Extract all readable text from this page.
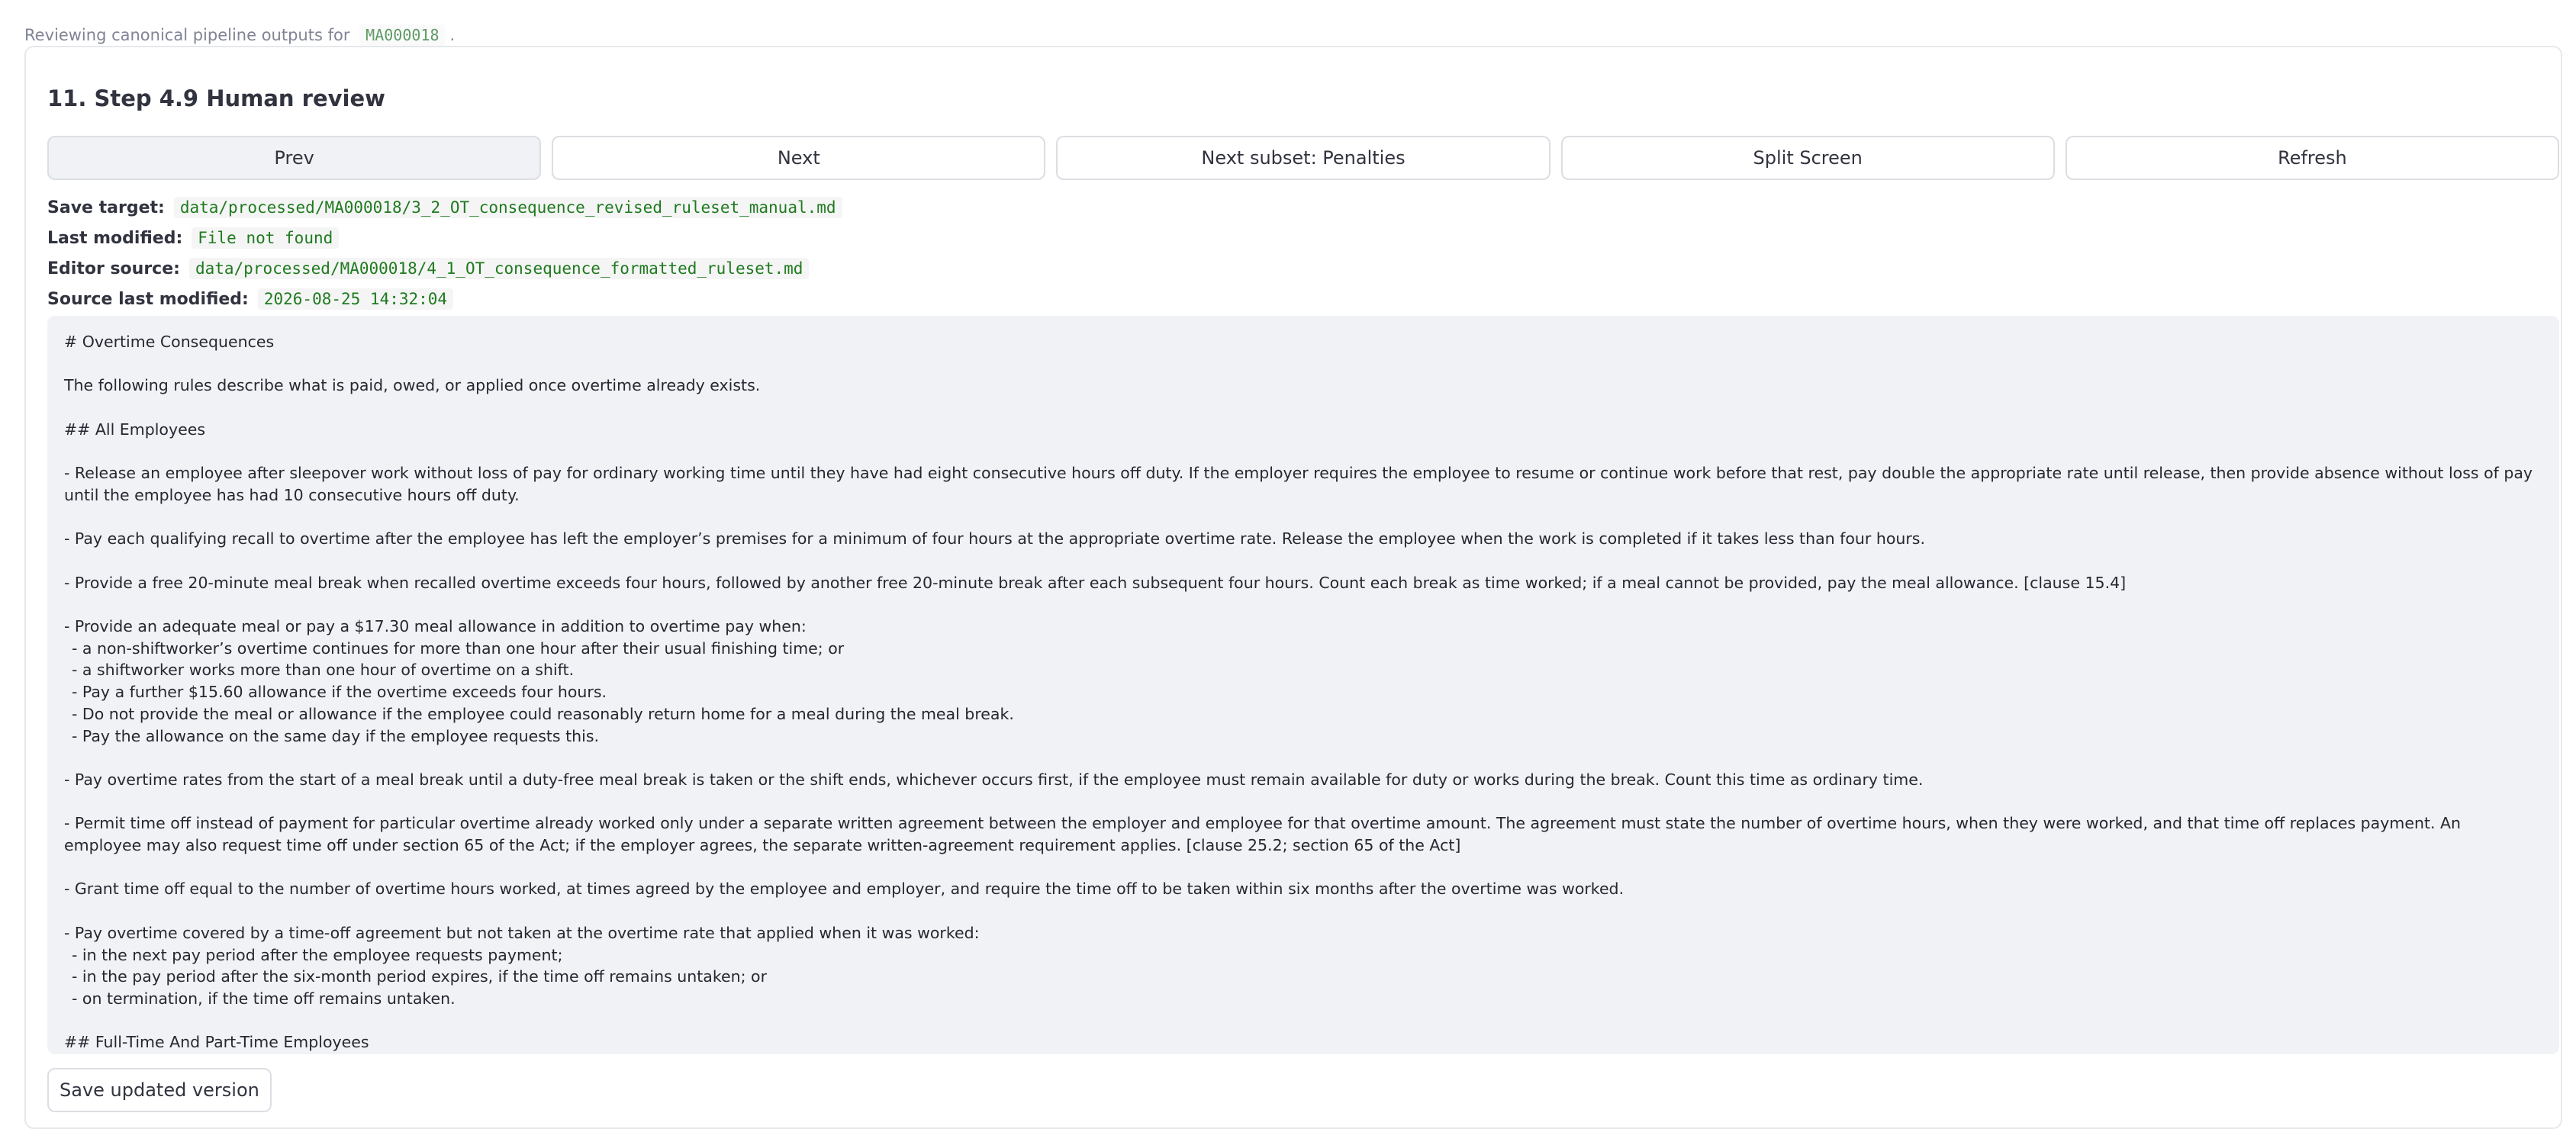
Reviewing canonical pipeline outputs for MA000018 .
11. Step 4.9 Human review
Prev	Next	Next subset: Penalties	Split Screen	Refresh
Save target: data/processed/MA000018/3_2_OT_consequence_revised_ruleset_manual.md
Last modified: File not found
Editor source: data/processed/MA000018/4_1_OT_consequence_formatted_ruleset.md
Source last modified: 2026-08-25 14:32:04
# Overtime Consequences
The following rules describe what is paid, owed, or applied once overtime already exists.
## All Employees
- Release an employee after sleepover work without loss of pay for ordinary working time until they have had eight consecutive hours off duty. If the employer requires the employee to resume or continue work before that rest, pay double the appropriate rate until release, then provide absence without loss of pay until the employee has had 10 consecutive hours off duty.
- Pay each qualifying recall to overtime after the employee has left the employer’s premises for a minimum of four hours at the appropriate overtime rate. Release the employee when the work is completed if it takes less than four hours.
- Provide a free 20-minute meal break when recalled overtime exceeds four hours, followed by another free 20-minute break after each subsequent four hours. Count each break as time worked; if a meal cannot be provided, pay the meal allowance. [clause 15.4]
- Provide an adequate meal or pay a $17.30 meal allowance in addition to overtime pay when:
- a non-shiftworker’s overtime continues for more than one hour after their usual finishing time; or
- a shiftworker works more than one hour of overtime on a shift.
- Pay a further $15.60 allowance if the overtime exceeds four hours.
- Do not provide the meal or allowance if the employee could reasonably return home for a meal during the meal break.
- Pay the allowance on the same day if the employee requests this.
- Pay overtime rates from the start of a meal break until a duty-free meal break is taken or the shift ends, whichever occurs first, if the employee must remain available for duty or works during the break. Count this time as ordinary time.
- Permit time off instead of payment for particular overtime already worked only under a separate written agreement between the employer and employee for that overtime amount. The agreement must state the number of overtime hours, when they were worked, and that time off replaces payment. An employee may also request time off under section 65 of the Act; if the employer agrees, the separate written-agreement requirement applies. [clause 25.2; section 65 of the Act]
- Grant time off equal to the number of overtime hours worked, at times agreed by the employee and employer, and require the time off to be taken within six months after the overtime was worked.
- Pay overtime covered by a time-off agreement but not taken at the overtime rate that applied when it was worked:
- in the next pay period after the employee requests payment;
- in the pay period after the six-month period expires, if the time off remains untaken; or
- on termination, if the time off remains untaken.
## Full-Time And Part-Time Employees
Save updated version
